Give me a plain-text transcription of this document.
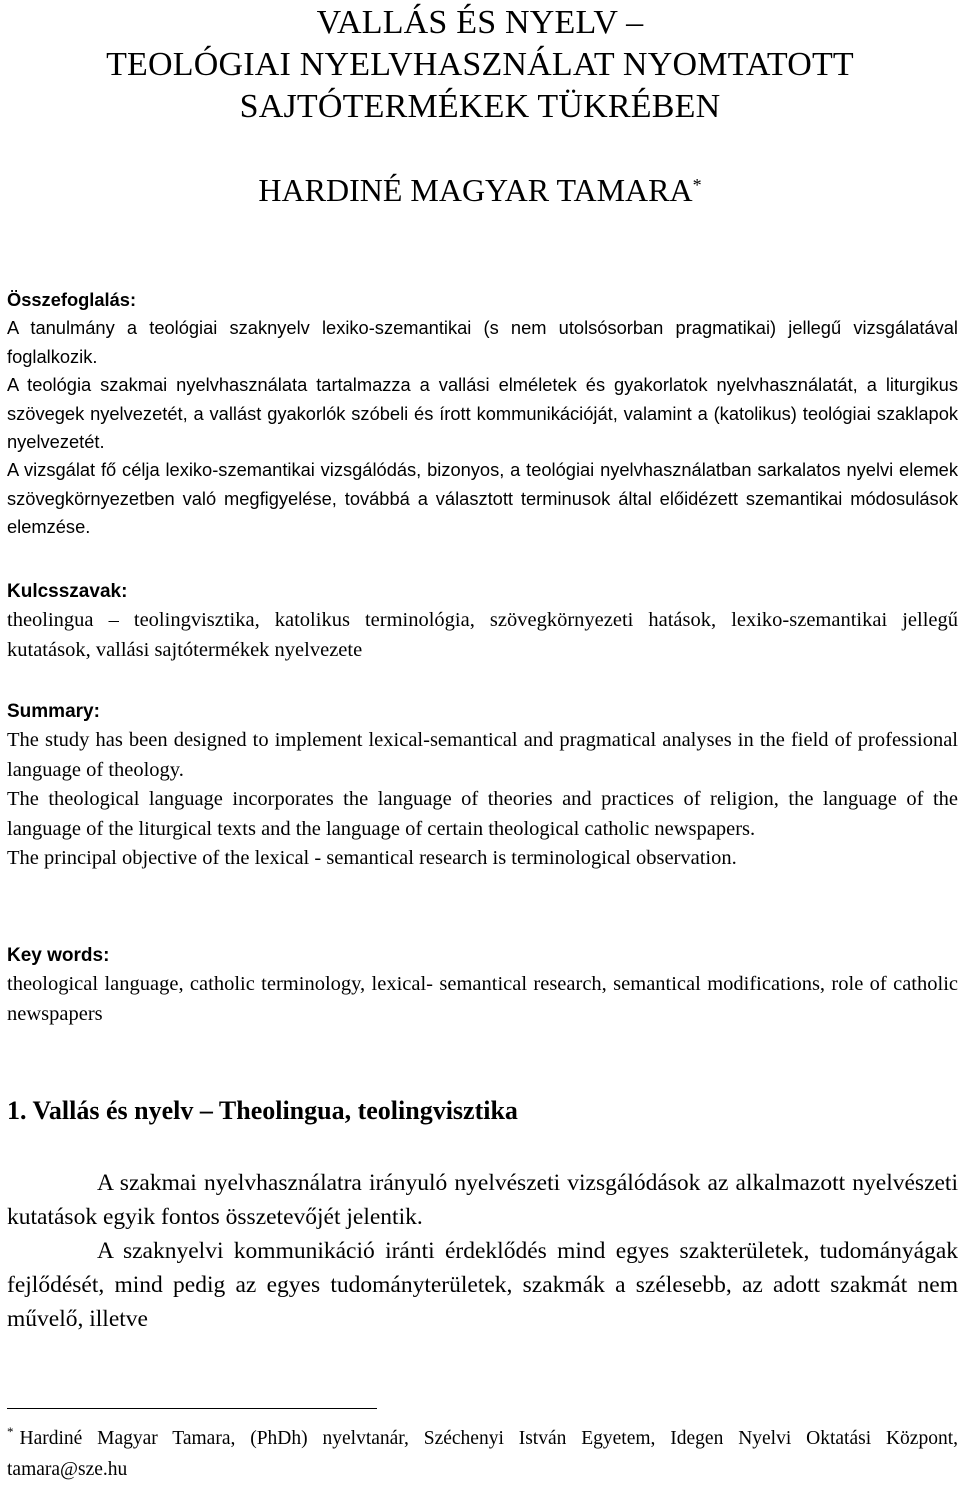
VALLÁS ÉS NYELV –
TEOLÓGIAI NYELVHASZNÁLAT NYOMTATOTT
SAJTÓTERMÉKEK TÜKRÉBEN
HARDINÉ MAGYAR TAMARA*
Összefoglalás:
A tanulmány a teológiai szaknyelv lexiko-szemantikai (s nem utolsósorban pragmatikai) jellegű vizsgálatával foglalkozik.
A teológia szakmai nyelvhasználata tartalmazza a vallási elméletek és gyakorlatok nyelvhasználatát, a liturgikus szövegek nyelvezetét, a vallást gyakorlók szóbeli és írott kommunikációját, valamint a (katolikus) teológiai szaklapok nyelvezetét.
A vizsgálat fő célja lexiko-szemantikai vizsgálódás, bizonyos, a teológiai nyelvhasználatban sarkalatos nyelvi elemek szövegkörnyezetben való megfigyelése, továbbá a választott terminusok által előidézett szemantikai módosulások elemzése.
Kulcsszavak:
theolingua – teolingvisztika, katolikus terminológia, szövegkörnyezeti hatások, lexiko-szemantikai jellegű kutatások, vallási sajtótermékek nyelvezete
Summary:
The study has been designed to implement lexical-semantical and pragmatical analyses in the field of professional language of theology.
The theological language incorporates the language of theories and practices of religion, the language of the language of the liturgical texts and the language of certain theological catholic newspapers.
The principal objective of the lexical - semantical research is terminological observation.
Key words:
theological language, catholic terminology, lexical- semantical research, semantical modifications, role of catholic newspapers
1. Vallás és nyelv – Theolingua, teolingvisztika

A szakmai nyelvhasználatra irányuló nyelvészeti vizsgálódások az alkalmazott nyelvészeti kutatások egyik fontos összetevőjét jelentik.

A szaknyelvi kommunikáció iránti érdeklődés mind egyes szakterületek, tudományágak fejlődését, mind pedig az egyes tudományterületek, szakmák a szélesebb, az adott szakmát nem művelő, illetve

* Hardiné Magyar Tamara, (PhDh) nyelvtanár, Széchenyi István Egyetem, Idegen Nyelvi Oktatási Központ, tamara@sze.hu
